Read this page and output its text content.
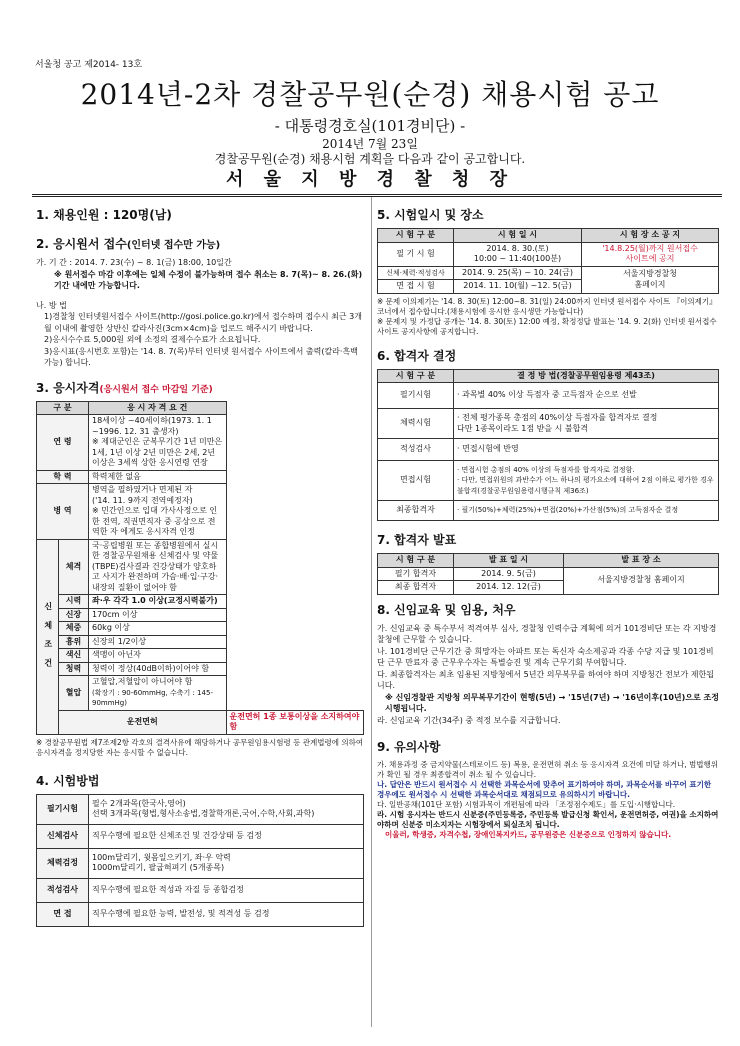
서울청 공고 제2014- 13호
2014년-2차 경찰공무원(순경) 채용시험 공고
- 대통령경호실(101경비단) -
2014년 7월 23일
경찰공무원(순경) 채용시험 계획을 다음과 같이 공고합니다.
서 울 지 방 경 찰 청 장
1. 채용인원 : 120명(남)
2. 응시원서 접수(인터넷 접수만 가능)
가. 기 간 : 2014. 7. 23(수) ~ 8. 1(금) 18:00, 10일간
※ 원서접수 마감 이후에는 일체 수정이 불가능하며 접수 취소는 8. 7(목)~ 8. 26.(화) 기간 내에만 가능합니다.
나. 방 법
1)경찰청 인터넷원서접수 사이트(http://gosi.police.go.kr)에서 접수하며 접수시 최근 3개월 이내에 촬영한 상반신 칼라사진(3cm×4cm)을 업로드 해주시기 바랍니다.
2)응시수수료 5,000원 외에 소정의 결제수수료가 소요됩니다.
3)응시표(응시번호 포함)는 '14. 8. 7(목)부터 인터넷 원서접수 사이트에서 출력(칼라·흑백가능) 합니다.
3. 응시자격(응시원서 접수 마감일 기준)
구 분		응 시 자 격 요 건	
연 령		18세이상 ~40세이하(1973. 1. 1 ~1996. 12. 31 출생자)
※ 제대군인은 군복무기간 1년 미만은 1세, 1년 이상 2년 미만은 2세, 2년 이상은 3세씩 상한 응시연령 연장	
학 력		학력제한 없음	
병 역		병역을 필하였거나 면제된 자
('14. 11. 9까지 전역예정자)
※ 민간인으로 입대 가사사정으로 인한 전역, 직권면직자 중 공상으로 전역한 자 에게도 응시자격 인정	
신 체 조 건	체격	국·공립병원 또는 종합병원에서 실시한 경찰공무원채용 신체검사 및 약물(TBPE)검사결과 건강상태가 양호하고 사지가 완전하며 가슴·배·입·구강·내장의 질환이 없어야 함	
	시력	좌·우 각각 1.0 이상(교정시력불가)	
	신장	170cm 이상	
	체중	60kg 이상	
	흉위	신장의 1/2이상	
	색신	색맹이 아닌자	
	청력	청력이 정상(40dB이하)이어야 함	
	혈압	고혈압,저혈압이 아니어야 함
(확장기 : 90-60mmHg, 수축기 : 145-90mmHg)	

	운전면허		운전면허 1종 보통이상을 소지하여야 함
※ 경찰공무원법 제7조제2항 각호의 결격사유에 해당하거나 공무원임용시험령 등 관계법령에 의하여 응시자격을 정지당한 자는 응시할 수 없습니다.
4. 시험방법
필기시험	필수 2개과목(한국사,영어)
선택 3개과목(형법,형사소송법,경찰학개론,국어,수학,사회,과학)
신체검사	직무수행에 필요한 신체조건 및 건강상태 등 검정
체력검정	100m달리기, 윗몸일으키기, 좌·우 악력
1000m달리기, 팔굽혀펴기 (5개종목)
적성검사	직무수행에 필요한 적성과 자질 등 종합검정
면 접	직무수행에 필요한 능력, 발전성, 및 적격성 등 검정
5. 시험일시 및 장소
시 험 구 분	시 험 일 시	시 험 장 소 공 지
필 기 시 험	2014. 8. 30.(토)
10:00 ~ 11:40(100분)	'14.8.25(월)까지 원서접수
사이트에 공지
신체·체력·적성검사	2014. 9. 25(목) ~ 10. 24(금)	서울지방경찰청
홈페이지
면 접 시 험	2014. 11. 10(월) ~12. 5(금)	
※ 문제 이의제기는 '14. 8. 30(토) 12:00~8. 31(일) 24:00까지 인터넷 원서접수 사이트 『이의제기』 코너에서 접수합니다.(채용시험에 응시한 응시생만 가능합니다)
※ 문제지 및 가정답 공개는 '14. 8. 30(토) 12:00 예정, 확정정답 발표는 '14. 9. 2(화) 인터넷 원서접수 사이트 공지사항에 공지합니다.
6. 합격자 결정
시 험 구 분	결 정 방 법(경찰공무원임용령 제43조)
필기시험	· 과목별 40% 이상 득점자 중 고득점자 순으로 선발
체력시험	· 전체 평가종목 총점의 40%이상 득점자를 합격자로 결정
다만 1종목이라도 1점 받을 시 불합격
적성검사	· 면접시험에 반영
면접시험	· 면접시험 총점의 40% 이상의 득점자를 합격자로 결정함.
· 다만, 면접위원의 과반수가 어느 하나의 평가요소에 대하여 2점 이하로 평가한 경우 불합격(경찰공무원임용령시행규칙 제36조)
최종합격자	· 필기(50%)+체력(25%)+면접(20%)+가산점(5%)의 고득점자순 결정
7. 합격자 발표
시 험 구 분	발 표 일 시	발 표 장 소
필기 합격자	2014. 9. 5(금)	서울지방경찰청 홈페이지
최종 합격자	2014. 12. 12(금)	
8. 신임교육 및 임용, 처우
가. 신임교육 중 특수부서 적격여부 심사, 경찰청 인력수급 계획에 의거 101경비단 또는 각 지방경찰청에 근무할 수 있습니다.
나. 101경비단 근무기간 중 희망자는 아파트 또는 독신자 숙소제공과 각종 수당 지급 및 101경비단 근무 만료자 중 근무우수자는 특별승진 및 계속 근무기회 부여합니다.
다. 최종합격자는 최초 임용된 지방청에서 5년간 의무복무를 하여야 하며 지방청간 전보가 제한됩니다.
※ 신임경찰관 지방청 의무복무기간이 현행(5년) → '15년(7년) → '16년이후(10년)으로 조정 시행됩니다.
라. 신임교육 기간(34주) 중 적정 보수를 지급합니다.
9. 유의사항
가. 채용과정 중 금지약물(스테로이드 등) 복용, 운전면허 취소 등 응시자격 요건에 미달 하거나, 범법행위가 확인 될 경우 최종합격이 취소 될 수 있습니다.
나. 답안은 반드시 원서접수 시 선택한 과목순서에 맞추어 표기하여야 하며, 과목순서를 바꾸어 표기한 경우에도 원서접수 시 선택한 과목순서대로 채점되므로 유의하시기 바랍니다.
다. 일반공채(101단 포함) 시험과목이 개편됨에 따라 「조정점수제도」를 도입·시행합니다.
라. 시험 응시자는 반드시 신분증(주민등록증, 주민등록 발급신청 확인서, 운전면허증, 여권)을 소지하여야하며 신분증 미소지자는 시험장에서 퇴실조치 됩니다.
이울러, 학생증, 자격수첩, 장애인복지카드, 공무원증은 신분증으로 인정하지 않습니다.
